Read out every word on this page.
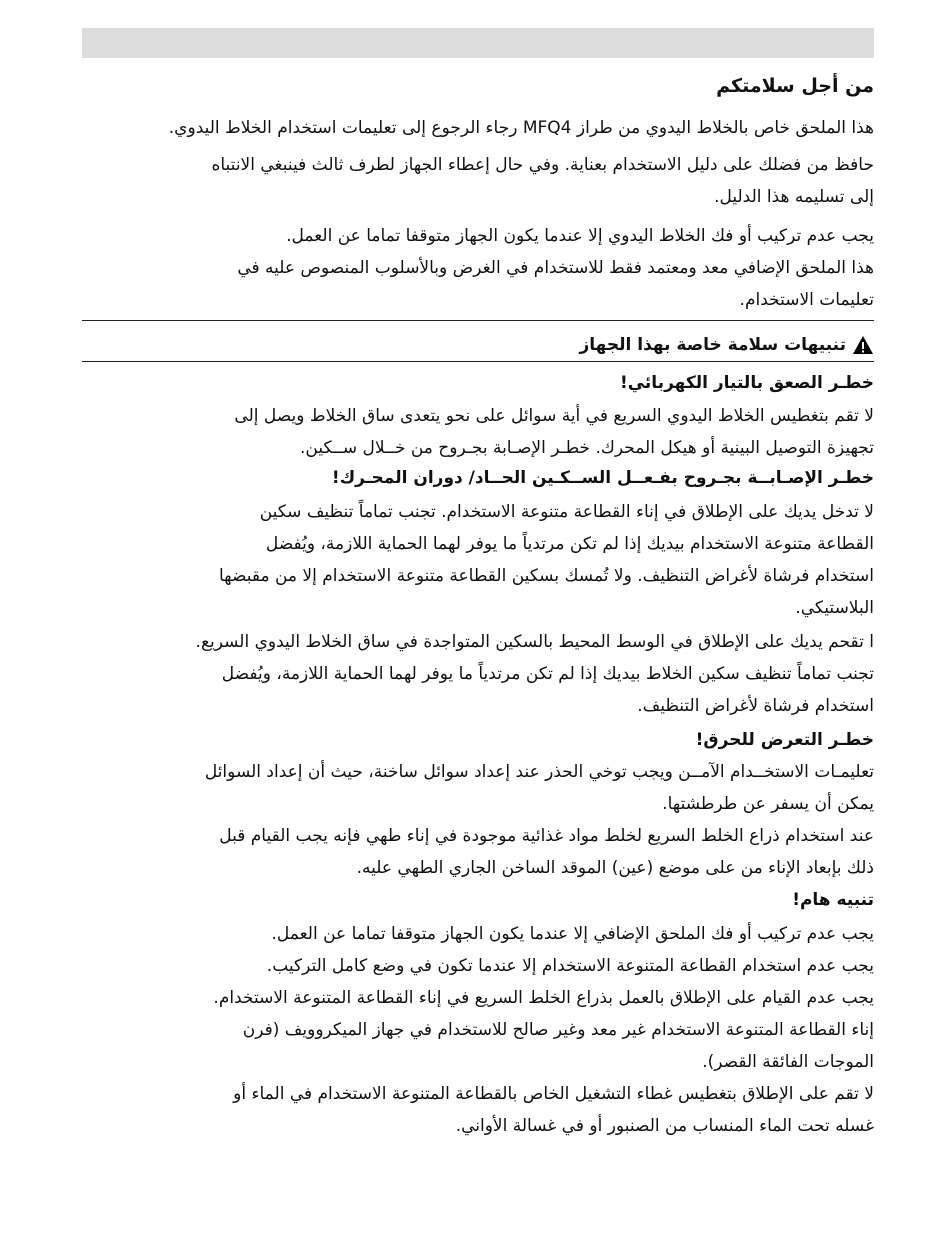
من أجل سلامتكم
هذا الملحق خاص بالخلاط اليدوي من طراز MFQ4 رجاء الرجوع إلى تعليمات استخدام الخلاط اليدوي.
حافظ من فضلك على دليل الاستخدام بعناية. وفي حال إعطاء الجهاز لطرف ثالث فينبغي الانتباه
إلى تسليمه هذا الدليل.
يجب عدم تركيب أو فك الخلاط اليدوي إلا عندما يكون الجهاز متوقفا تماما عن العمل.
هذا الملحق الإضافي معد ومعتمد فقط للاستخدام في الغرض وبالأسلوب المنصوص عليه في
تعليمات الاستخدام.
تنبيهات سلامة خاصة بهذا الجهاز
خطـر الصعق بالتيار الكهربائي!
لا تقم بتغطيس الخلاط اليدوي السريع في أية سوائل على نحو يتعدى ساق الخلاط ويصل إلى
تجهيزة التوصيل البينية أو هيكل المحرك. خطـر الإصـابة بجـروح من خــلال ســكين.
خطـر الإصـابــة بجـروح بفـعــل الســكـين الحــاد/ دوران المحـرك!
لا تدخل يديك على الإطلاق في إناء القطاعة متنوعة الاستخدام. تجنب تماماً تنظيف سكين
القطاعة متنوعة الاستخدام بيديك إذا لم تكن مرتدياً ما يوفر لهما الحماية اللازمة، ويُفضل
استخدام فرشاة لأغراض التنظيف. ولا تُمسك بسكين القطاعة متنوعة الاستخدام إلا من مقبضها
البلاستيكي.
ا تقحم يديك على الإطلاق في الوسط المحيط بالسكين المتواجدة في ساق الخلاط اليدوي السريع.
تجنب تماماً تنظيف سكين الخلاط بيديك إذا لم تكن مرتدياً ما يوفر لهما الحماية اللازمة، ويُفضل
استخدام فرشاة لأغراض التنظيف.
خطـر التعرض للحرق!
تعليمـات الاستخــدام الآمــن ويجب توخي الحذر عند إعداد سوائل ساخنة، حيث أن إعداد السوائل
يمكن أن يسفر عن طرطشتها.
عند استخدام ذراع الخلط السريع لخلط مواد غذائية موجودة في إناء طهي فإنه يجب القيام قبل
ذلك بإبعاد الإناء من على موضع (عين) الموقد الساخن الجاري الطهي عليه.
تنبيه هام!
يجب عدم تركيب أو فك الملحق الإضافي إلا عندما يكون الجهاز متوقفا تماما عن العمل.
يجب عدم استخدام القطاعة المتنوعة الاستخدام إلا عندما تكون في وضع كامل التركيب.
يجب عدم القيام على الإطلاق بالعمل بذراع الخلط السريع في إناء القطاعة المتنوعة الاستخدام.
إناء القطاعة المتنوعة الاستخدام غير معد وغير صالح للاستخدام في جهاز الميكروويف (فرن
الموجات الفائقة القصر).
لا تقم على الإطلاق بتغطيس غطاء التشغيل الخاص بالقطاعة المتنوعة الاستخدام في الماء أو
غسله تحت الماء المنساب من الصنبور أو في غسالة الأواني.
